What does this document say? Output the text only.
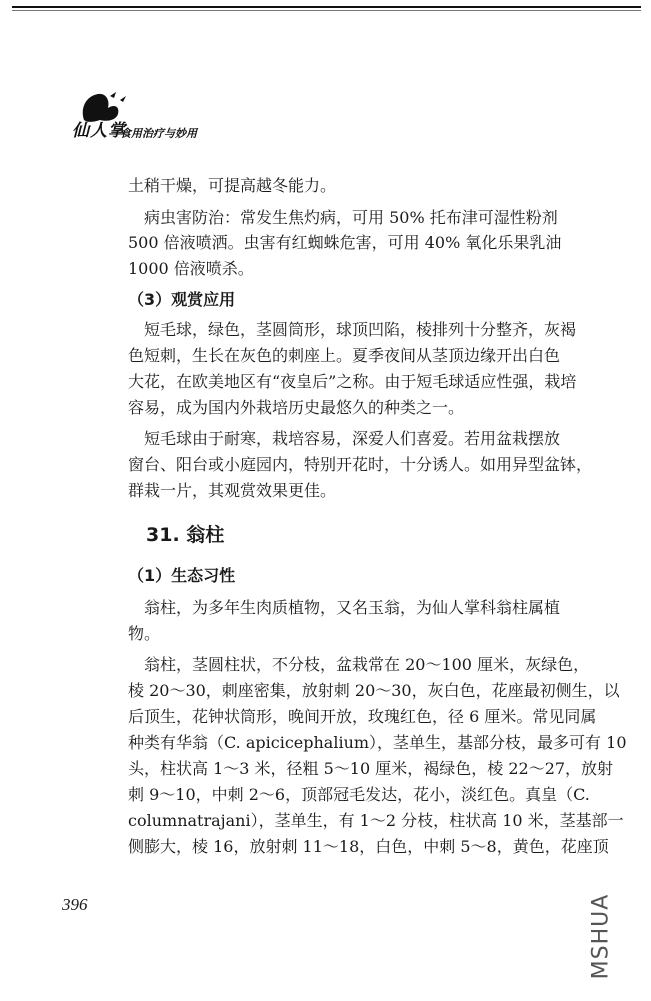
仙人掌
食用治疗与妙用
土稍干燥，可提高越冬能力。
　病虫害防治：常发生焦灼病，可用 50% 托布津可湿性粉剂
500 倍液喷洒。虫害有红蜘蛛危害，可用 40% 氧化乐果乳油
1000 倍液喷杀。
（3）观赏应用
　短毛球，绿色，茎圆筒形，球顶凹陷，棱排列十分整齐，灰褐
色短刺，生长在灰色的刺座上。夏季夜间从茎顶边缘开出白色
大花，在欧美地区有“夜皇后”之称。由于短毛球适应性强，栽培
容易，成为国内外栽培历史最悠久的种类之一。
　短毛球由于耐寒，栽培容易，深爱人们喜爱。若用盆栽摆放
窗台、阳台或小庭园内，特别开花时，十分诱人。如用异型盆钵，
群栽一片，其观赏效果更佳。
31. 翁柱
（1）生态习性
　翁柱，为多年生肉质植物，又名玉翁，为仙人掌科翁柱属植
物。
　翁柱，茎圆柱状，不分枝，盆栽常在 20～100 厘米，灰绿色，
棱 20～30，刺座密集，放射刺 20～30，灰白色，花座最初侧生，以
后顶生，花钟状筒形，晚间开放，玫瑰红色，径 6 厘米。常见同属
种类有华翁（C. apicicephalium），茎单生，基部分枝，最多可有 10
头，柱状高 1～3 米，径粗 5～10 厘米，褐绿色，棱 22～27，放射
刺 9～10，中刺 2～6，顶部冠毛发达，花小，淡红色。真皇（C.
columnatrajani），茎单生，有 1～2 分枝，柱状高 10 米，茎基部一
侧膨大，棱 16，放射刺 11～18，白色，中刺 5～8，黄色，花座顶
396	MSHUA
